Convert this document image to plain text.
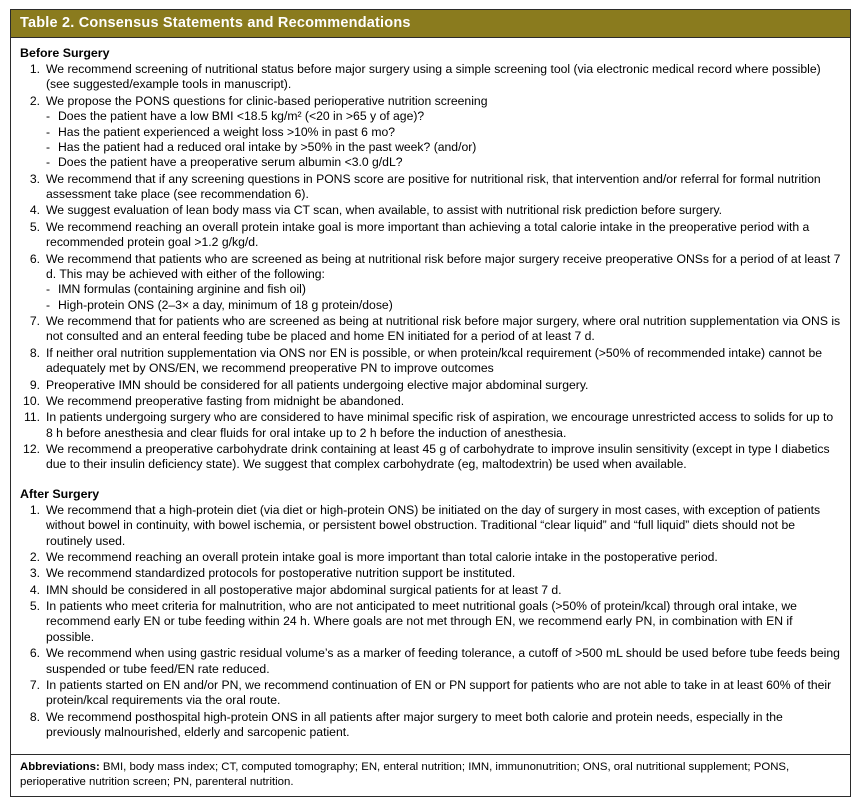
Table 2. Consensus Statements and Recommendations
Before Surgery
1. We recommend screening of nutritional status before major surgery using a simple screening tool (via electronic medical record where possible) (see suggested/example tools in manuscript).
2. We propose the PONS questions for clinic-based perioperative nutrition screening
- Does the patient have a low BMI <18.5 kg/m² (<20 in >65 y of age)?
- Has the patient experienced a weight loss >10% in past 6 mo?
- Has the patient had a reduced oral intake by >50% in the past week? (and/or)
- Does the patient have a preoperative serum albumin <3.0 g/dL?
3. We recommend that if any screening questions in PONS score are positive for nutritional risk, that intervention and/or referral for formal nutrition assessment take place (see recommendation 6).
4. We suggest evaluation of lean body mass via CT scan, when available, to assist with nutritional risk prediction before surgery.
5. We recommend reaching an overall protein intake goal is more important than achieving a total calorie intake in the preoperative period with a recommended protein goal >1.2 g/kg/d.
6. We recommend that patients who are screened as being at nutritional risk before major surgery receive preoperative ONSs for a period of at least 7 d. This may be achieved with either of the following:
- IMN formulas (containing arginine and fish oil)
- High-protein ONS (2–3× a day, minimum of 18 g protein/dose)
7. We recommend that for patients who are screened as being at nutritional risk before major surgery, where oral nutrition supplementation via ONS is not consulted and an enteral feeding tube be placed and home EN initiated for a period of at least 7 d.
8. If neither oral nutrition supplementation via ONS nor EN is possible, or when protein/kcal requirement (>50% of recommended intake) cannot be adequately met by ONS/EN, we recommend preoperative PN to improve outcomes
9. Preoperative IMN should be considered for all patients undergoing elective major abdominal surgery.
10. We recommend preoperative fasting from midnight be abandoned.
11. In patients undergoing surgery who are considered to have minimal specific risk of aspiration, we encourage unrestricted access to solids for up to 8 h before anesthesia and clear fluids for oral intake up to 2 h before the induction of anesthesia.
12. We recommend a preoperative carbohydrate drink containing at least 45 g of carbohydrate to improve insulin sensitivity (except in type I diabetics due to their insulin deficiency state). We suggest that complex carbohydrate (eg, maltodextrin) be used when available.
After Surgery
1. We recommend that a high-protein diet (via diet or high-protein ONS) be initiated on the day of surgery in most cases, with exception of patients without bowel in continuity, with bowel ischemia, or persistent bowel obstruction. Traditional “clear liquid” and “full liquid” diets should not be routinely used.
2. We recommend reaching an overall protein intake goal is more important than total calorie intake in the postoperative period.
3. We recommend standardized protocols for postoperative nutrition support be instituted.
4. IMN should be considered in all postoperative major abdominal surgical patients for at least 7 d.
5. In patients who meet criteria for malnutrition, who are not anticipated to meet nutritional goals (>50% of protein/kcal) through oral intake, we recommend early EN or tube feeding within 24 h. Where goals are not met through EN, we recommend early PN, in combination with EN if possible.
6. We recommend when using gastric residual volume’s as a marker of feeding tolerance, a cutoff of >500 mL should be used before tube feeds being suspended or tube feed/EN rate reduced.
7. In patients started on EN and/or PN, we recommend continuation of EN or PN support for patients who are not able to take in at least 60% of their protein/kcal requirements via the oral route.
8. We recommend posthospital high-protein ONS in all patients after major surgery to meet both calorie and protein needs, especially in the previously malnourished, elderly and sarcopenic patient.
Abbreviations: BMI, body mass index; CT, computed tomography; EN, enteral nutrition; IMN, immunonutrition; ONS, oral nutritional supplement; PONS, perioperative nutrition screen; PN, parenteral nutrition.
